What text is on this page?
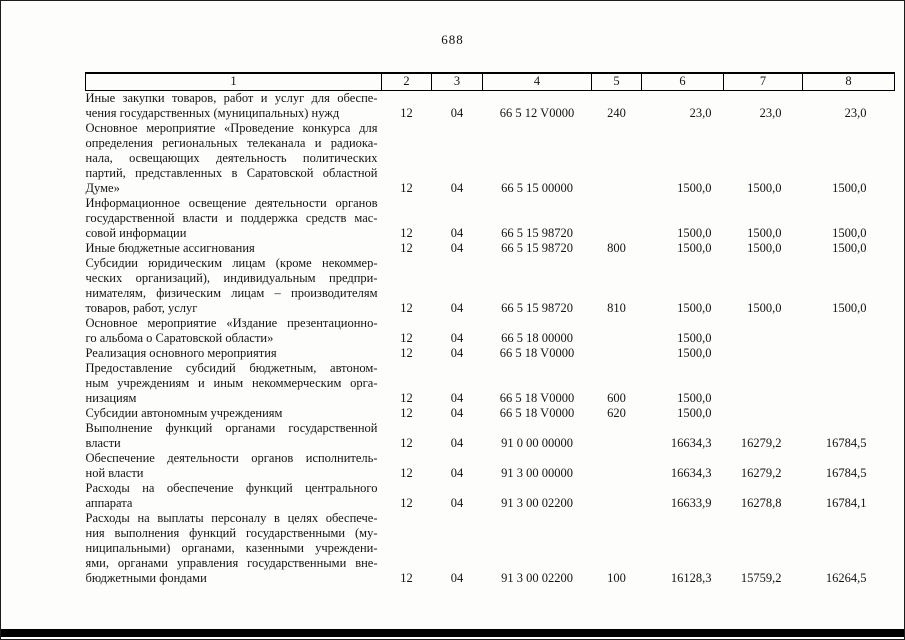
688
1	2	3	4	5	6	7	8

Иные закупки товаров, работ и услуг для обеспе-
чения государственных (муниципальных) нужд	12	04	66 5 12 V0000	240	23,0	23,0	23,0

Основное мероприятие «Проведение конкурса для
определения региональных телеканала и радиока-
нала, освещающих деятельность политических
партий, представленных в Саратовской областной
Думе»	12	04	66 5 15 00000		1500,0	1500,0	1500,0

Информационное освещение деятельности органов
государственной власти и поддержка средств мас-
совой информации	12	04	66 5 15 98720		1500,0	1500,0	1500,0

Иные бюджетные ассигнования	12	04	66 5 15 98720	800	1500,0	1500,0	1500,0

Субсидии юридическим лицам (кроме некоммер-
ческих организаций), индивидуальным предпри-
нимателям, физическим лицам – производителям
товаров, работ, услуг	12	04	66 5 15 98720	810	1500,0	1500,0	1500,0

Основное мероприятие «Издание презентационно-
го альбома о Саратовской области»	12	04	66 5 18 00000		1500,0		

Реализация основного мероприятия	12	04	66 5 18 V0000		1500,0		

Предоставление субсидий бюджетным, автоном-
ным учреждениям и иным некоммерческим орга-
низациям	12	04	66 5 18 V0000	600	1500,0		

Субсидии автономным учреждениям	12	04	66 5 18 V0000	620	1500,0		

Выполнение функций органами государственной
власти	12	04	91 0 00 00000		16634,3	16279,2	16784,5

Обеспечение деятельности органов исполнитель-
ной власти	12	04	91 3 00 00000		16634,3	16279,2	16784,5

Расходы на обеспечение функций центрального
аппарата	12	04	91 3 00 02200		16633,9	16278,8	16784,1

Расходы на выплаты персоналу в целях обеспече-
ния выполнения функций государственными (му-
ниципальными) органами, казенными учреждени-
ями, органами управления государственными вне-
бюджетными фондами	12	04	91 3 00 02200	100	16128,3	15759,2	16264,5
